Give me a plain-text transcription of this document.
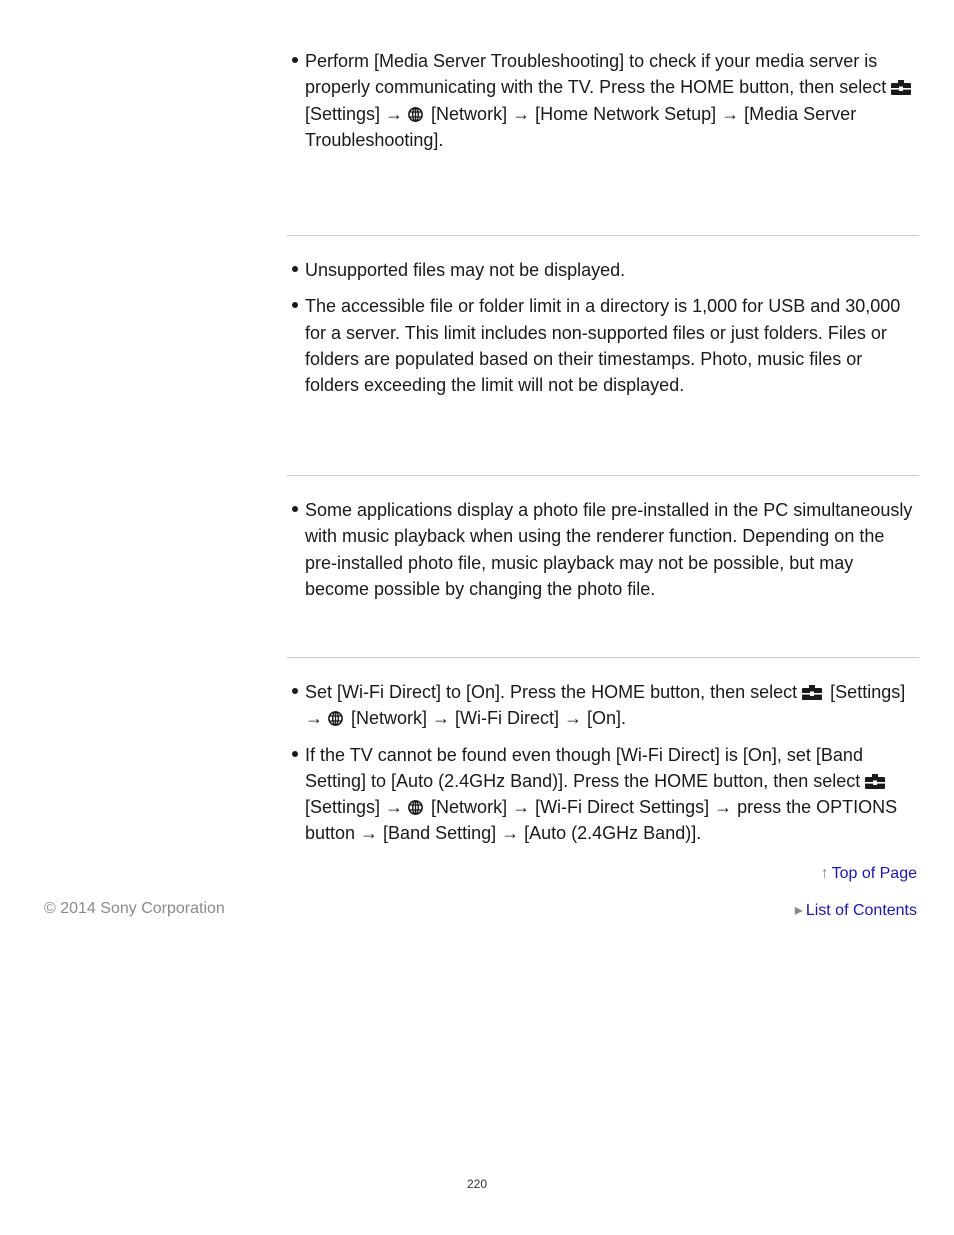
Perform [Media Server Troubleshooting] to check if your media server is properly communicating with the TV. Press the HOME button, then select
[Settings] →
[Network] → [Home Network Setup] → [Media Server Troubleshooting].
Unsupported files may not be displayed.
The accessible file or folder limit in a directory is 1,000 for USB and 30,000 for a server. This limit includes non-supported files or just folders. Files or folders are populated based on their timestamps. Photo, music files or folders exceeding the limit will not be displayed.
Some applications display a photo file pre-installed in the PC simultaneously with music playback when using the renderer function. Depending on the pre-installed photo file, music playback may not be possible, but may become possible by changing the photo file.
Set [Wi-Fi Direct] to [On]. Press the HOME button, then select
[Settings] →
[Network] → [Wi-Fi Direct] → [On].
If the TV cannot be found even though [Wi-Fi Direct] is [On], set [Band Setting] to [Auto (2.4GHz Band)]. Press the HOME button, then select
[Settings] →
[Network] → [Wi-Fi Direct Settings] → press the OPTIONS button → [Band Setting] → [Auto (2.4GHz Band)].
↑ Top of Page
▸ List of Contents
© 2014 Sony Corporation
220
